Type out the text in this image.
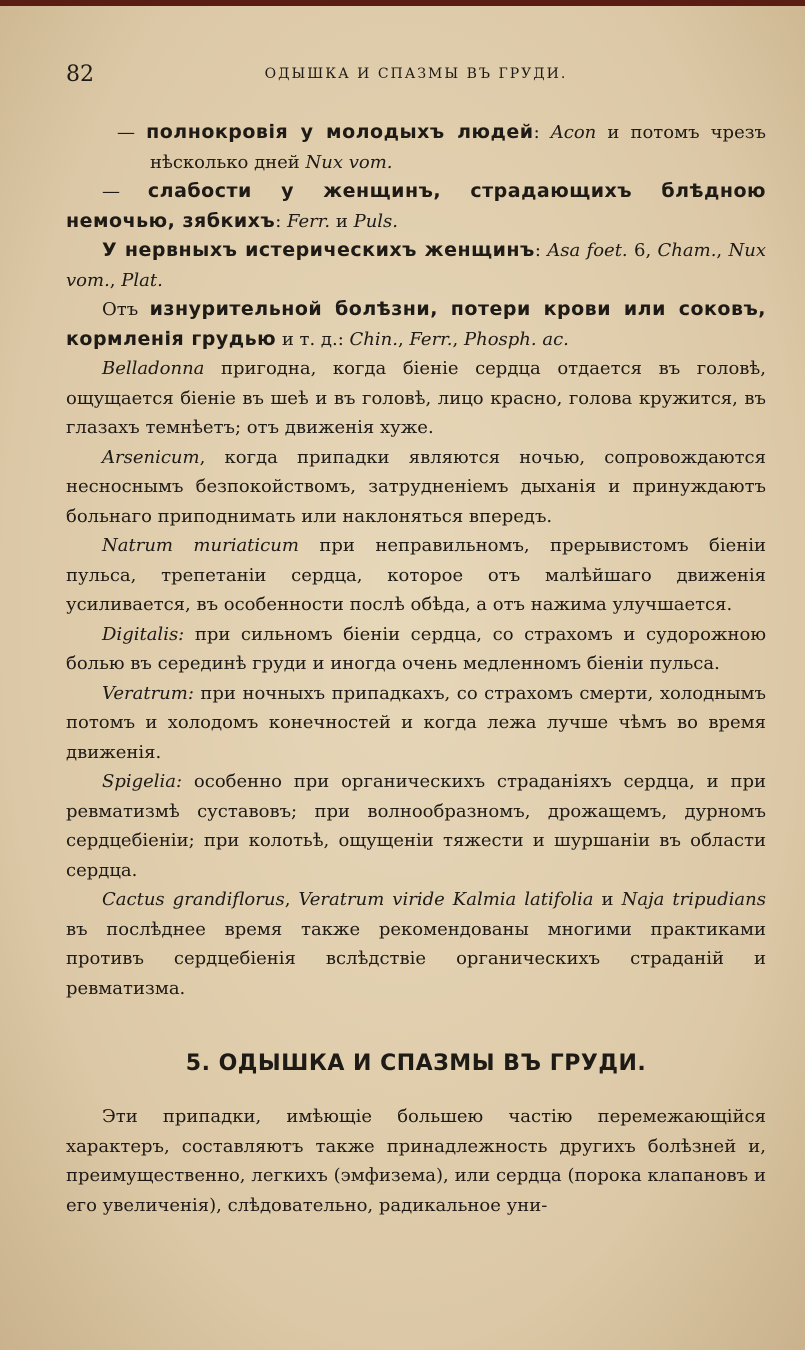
82	ОДЫШКА И СПАЗМЫ ВЪ ГРУДИ.

— полнокровія у молодыхъ людей: Acon и потомъ чрезъ нѣсколько дней Nux vom.

— слабости у женщинъ, страдающихъ блѣдною немочью, зябкихъ: Ferr. и Puls.

У нервныхъ истерическихъ женщинъ: Asa foet. 6, Cham., Nux vom., Plat.

Отъ изнурительной болѣзни, потери крови или соковъ, кормленія грудью и т. д.: Chin., Ferr., Phosph. ac.

Belladonna пригодна, когда біеніе сердца отдается въ головѣ, ощущается біеніе въ шеѣ и въ головѣ, лицо красно, голова кружится, въ глазахъ темнѣетъ; отъ движенія хуже.

Arsenicum, когда припадки являются ночью, сопровождаются несноснымъ безпокойствомъ, затрудненіемъ дыханія и принуждаютъ больнаго приподнимать или наклоняться впередъ.

Natrum muriaticum при неправильномъ, прерывистомъ біеніи пульса, трепетаніи сердца, которое отъ малѣйшаго движенія усиливается, въ особенности послѣ обѣда, а отъ нажима улучшается.

Digitalis: при сильномъ біеніи сердца, со страхомъ и судорожною болью въ серединѣ груди и иногда очень медленномъ біеніи пульса.

Veratrum: при ночныхъ припадкахъ, со страхомъ смерти, холоднымъ потомъ и холодомъ конечностей и когда лежа лучше чѣмъ во время движенія.

Spigelia: особенно при органическихъ страданіяхъ сердца, и при ревматизмѣ суставовъ; при волнообразномъ, дрожащемъ, дурномъ сердцебіеніи; при колотьѣ, ощущеніи тяжести и шуршаніи въ области сердца.

Cactus grandiflorus, Veratrum viride Kalmia latifolia и Naja tripudians въ послѣднее время также рекомендованы многими практиками противъ сердцебіенія вслѣдствіе органическихъ страданій и ревматизма.

5. ОДЫШКА И СПАЗМЫ ВЪ ГРУДИ.

Эти припадки, имѣющіе большею частію перемежающійся характеръ, составляютъ также принадлежность другихъ болѣзней и, преимущественно, легкихъ (эмфизема), или сердца (порока клапановъ и его увеличенія), слѣдовательно, радикальное уни-
